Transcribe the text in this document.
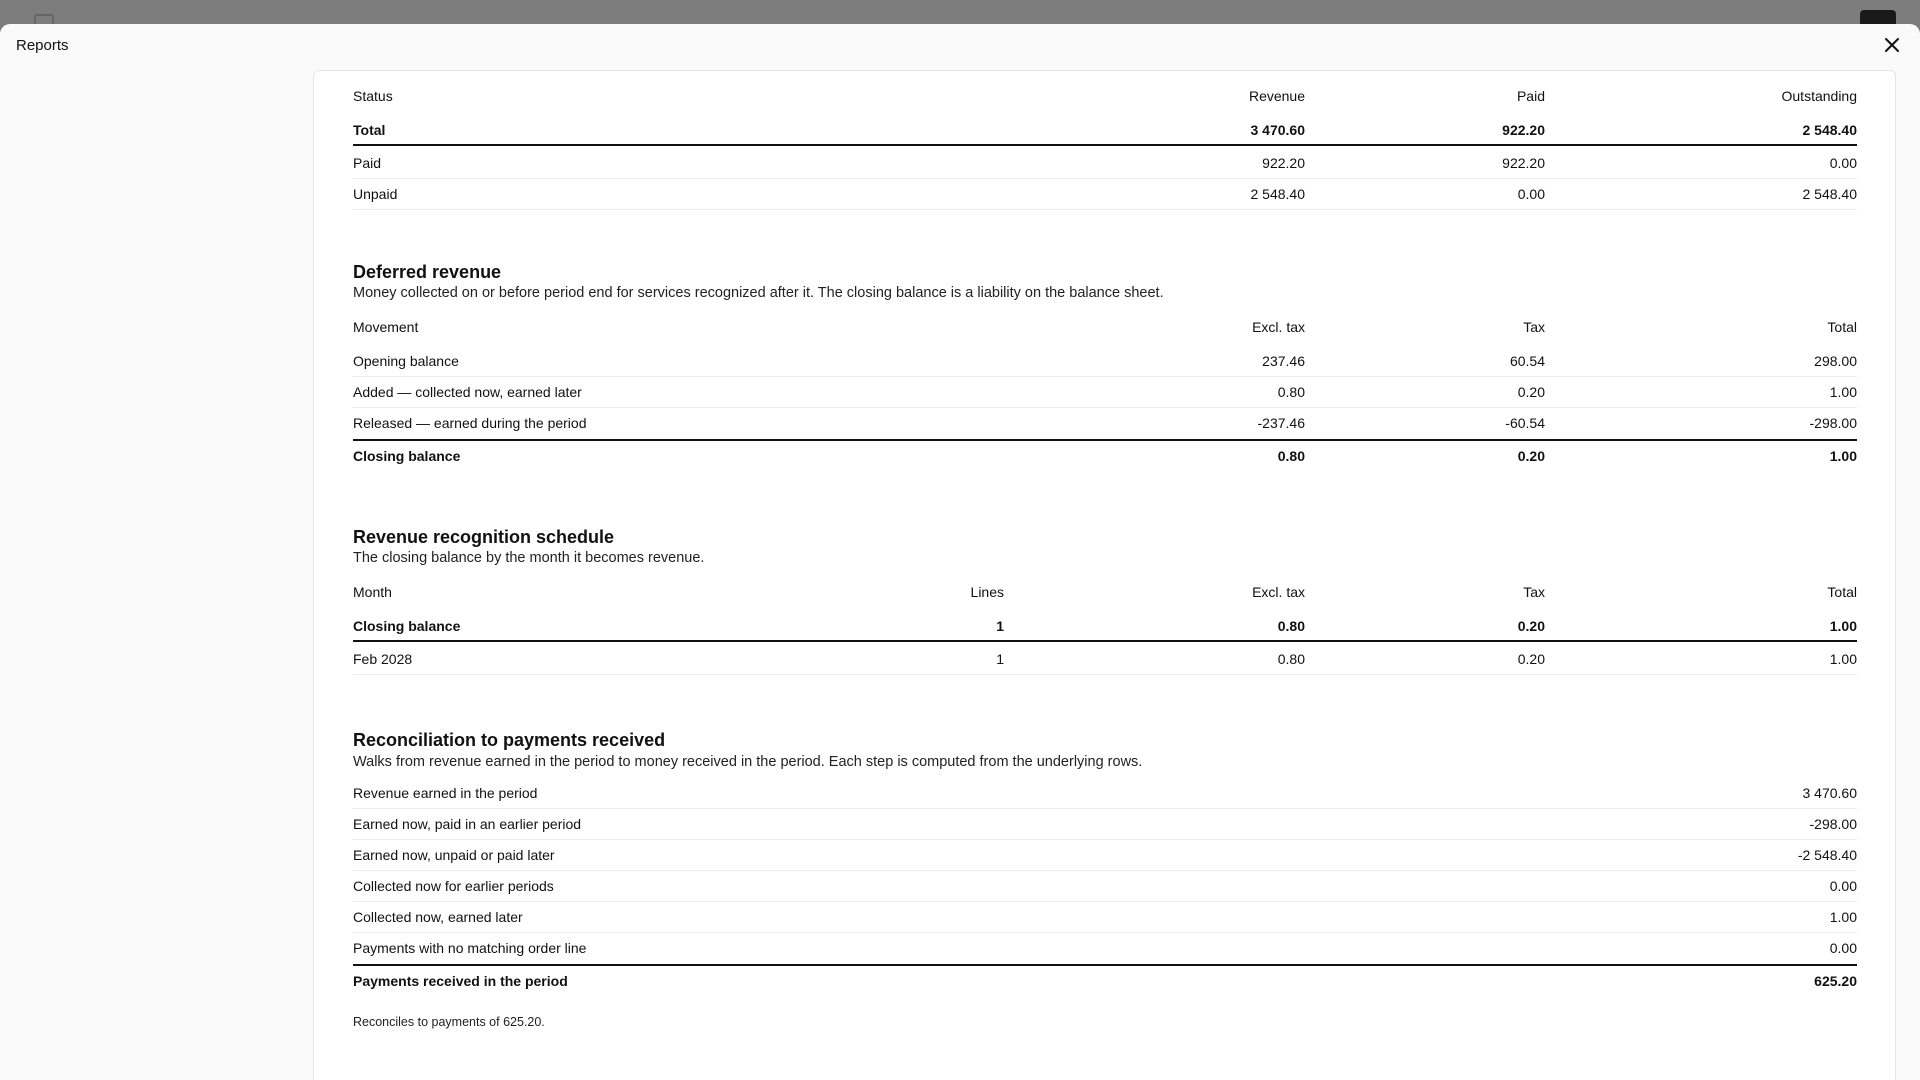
Reports
Status	Revenue	Paid	Outstanding
Total	3 470.60	922.20	2 548.40
Paid	922.20	922.20	0.00
Unpaid	2 548.40	0.00	2 548.40
Deferred revenue
Money collected on or before period end for services recognized after it. The closing balance is a liability on the balance sheet.
Movement	Excl. tax	Tax	Total
Opening balance	237.46	60.54	298.00
Added — collected now, earned later	0.80	0.20	1.00
Released — earned during the period	-237.46	-60.54	-298.00
Closing balance	0.80	0.20	1.00
Revenue recognition schedule
The closing balance by the month it becomes revenue.
Month	Lines	Excl. tax	Tax	Total
Closing balance	1	0.80	0.20	1.00
Feb 2028	1	0.80	0.20	1.00
Reconciliation to payments received
Walks from revenue earned in the period to money received in the period. Each step is computed from the underlying rows.
Revenue earned in the period	3 470.60
Earned now, paid in an earlier period	-298.00
Earned now, unpaid or paid later	-2 548.40
Collected now for earlier periods	0.00
Collected now, earned later	1.00
Payments with no matching order line	0.00
Payments received in the period	625.20
Reconciles to payments of 625.20.
